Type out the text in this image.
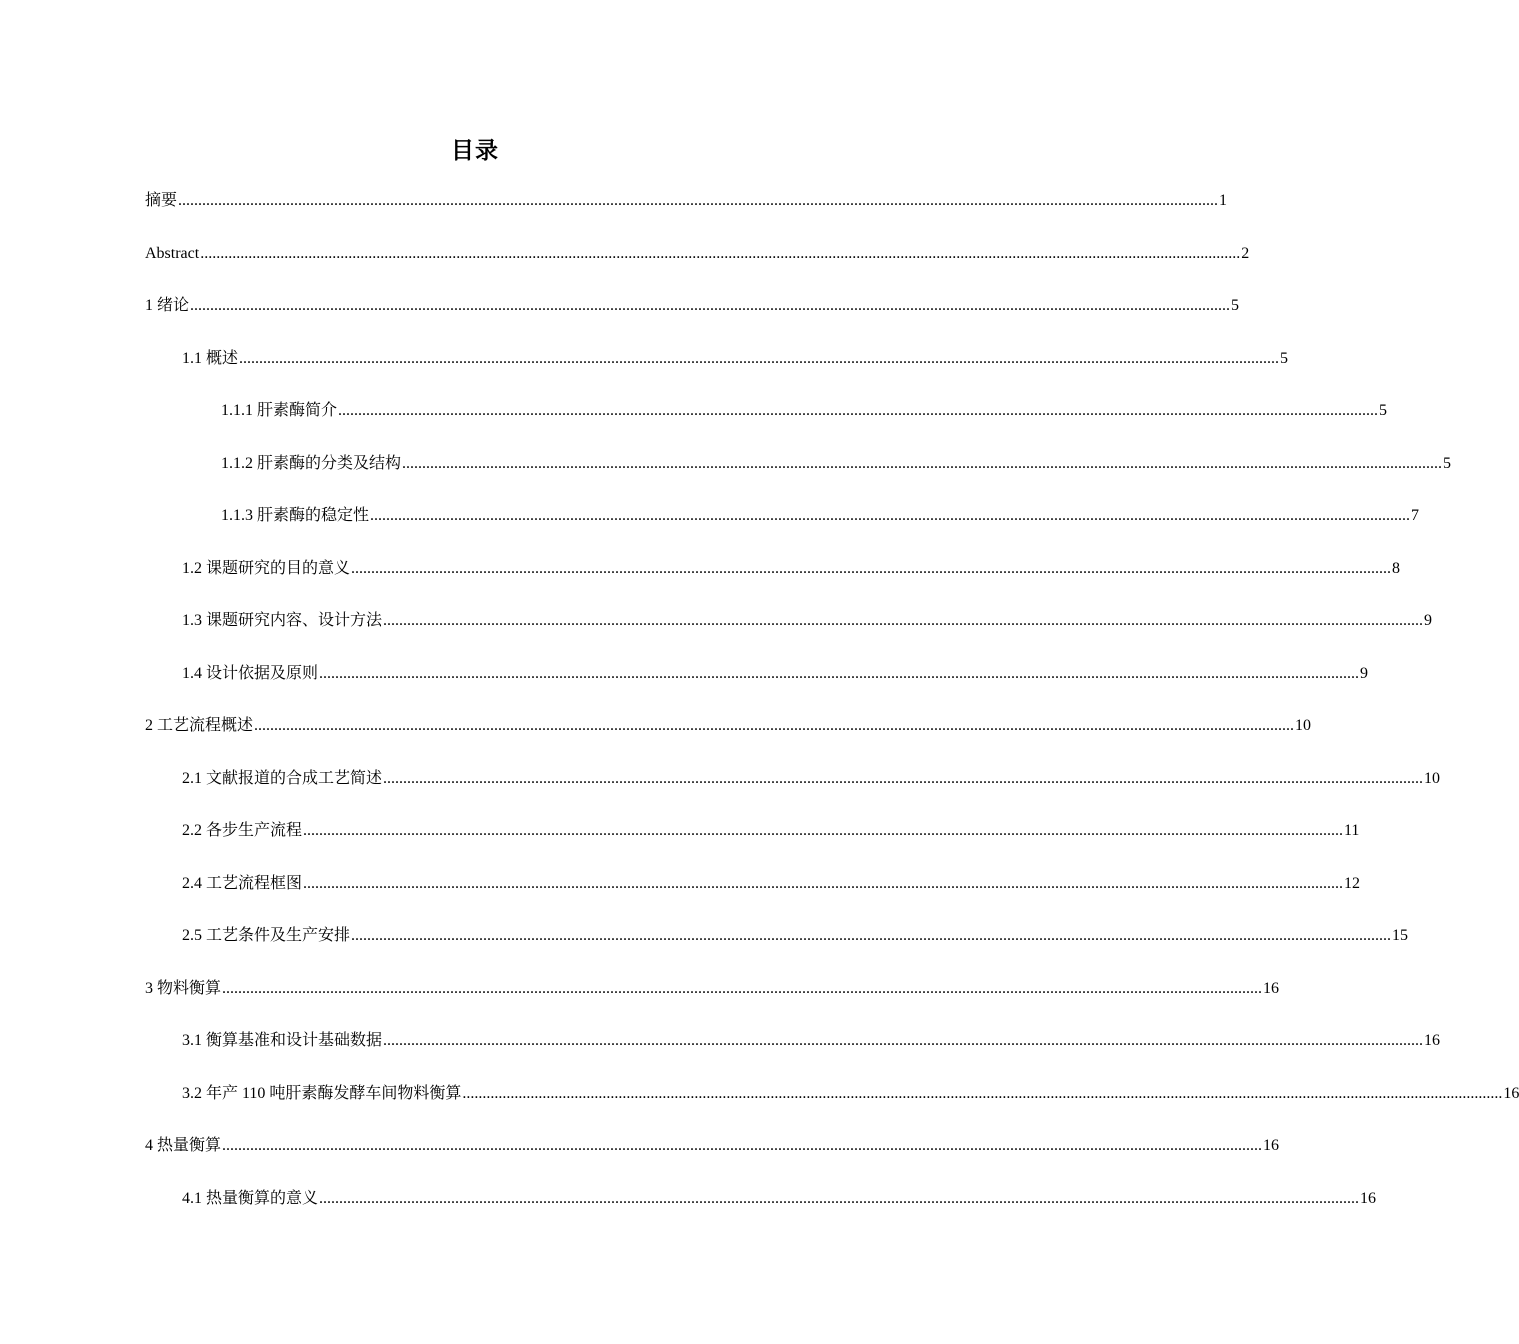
目录
摘要 .................................................................................................................................................................................................................................................................... 1
Abstract .................................................................................................................................................................................................................................................................... 2
1 绪论 .................................................................................................................................................................................................................................................................... 5
1.1 概述 .................................................................................................................................................................................................................................................................... 5
1.1.1 肝素酶简介 .................................................................................................................................................................................................................................................................... 5
1.1.2 肝素酶的分类及结构 .................................................................................................................................................................................................................................................................... 5
1.1.3 肝素酶的稳定性 .................................................................................................................................................................................................................................................................... 7
1.2 课题研究的目的意义 .................................................................................................................................................................................................................................................................... 8
1.3 课题研究内容、设计方法 .................................................................................................................................................................................................................................................................... 9
1.4 设计依据及原则 .................................................................................................................................................................................................................................................................... 9
2 工艺流程概述 .................................................................................................................................................................................................................................................................... 10
2.1 文献报道的合成工艺简述 .................................................................................................................................................................................................................................................................... 10
2.2 各步生产流程 .................................................................................................................................................................................................................................................................... 11
2.4 工艺流程框图 .................................................................................................................................................................................................................................................................... 12
2.5 工艺条件及生产安排 .................................................................................................................................................................................................................................................................... 15
3 物料衡算 .................................................................................................................................................................................................................................................................... 16
3.1 衡算基准和设计基础数据 .................................................................................................................................................................................................................................................................... 16
3.2 年产 110 吨肝素酶发酵车间物料衡算 .................................................................................................................................................................................................................................................................... 16
4 热量衡算 .................................................................................................................................................................................................................................................................... 16
4.1 热量衡算的意义 .................................................................................................................................................................................................................................................................... 16
